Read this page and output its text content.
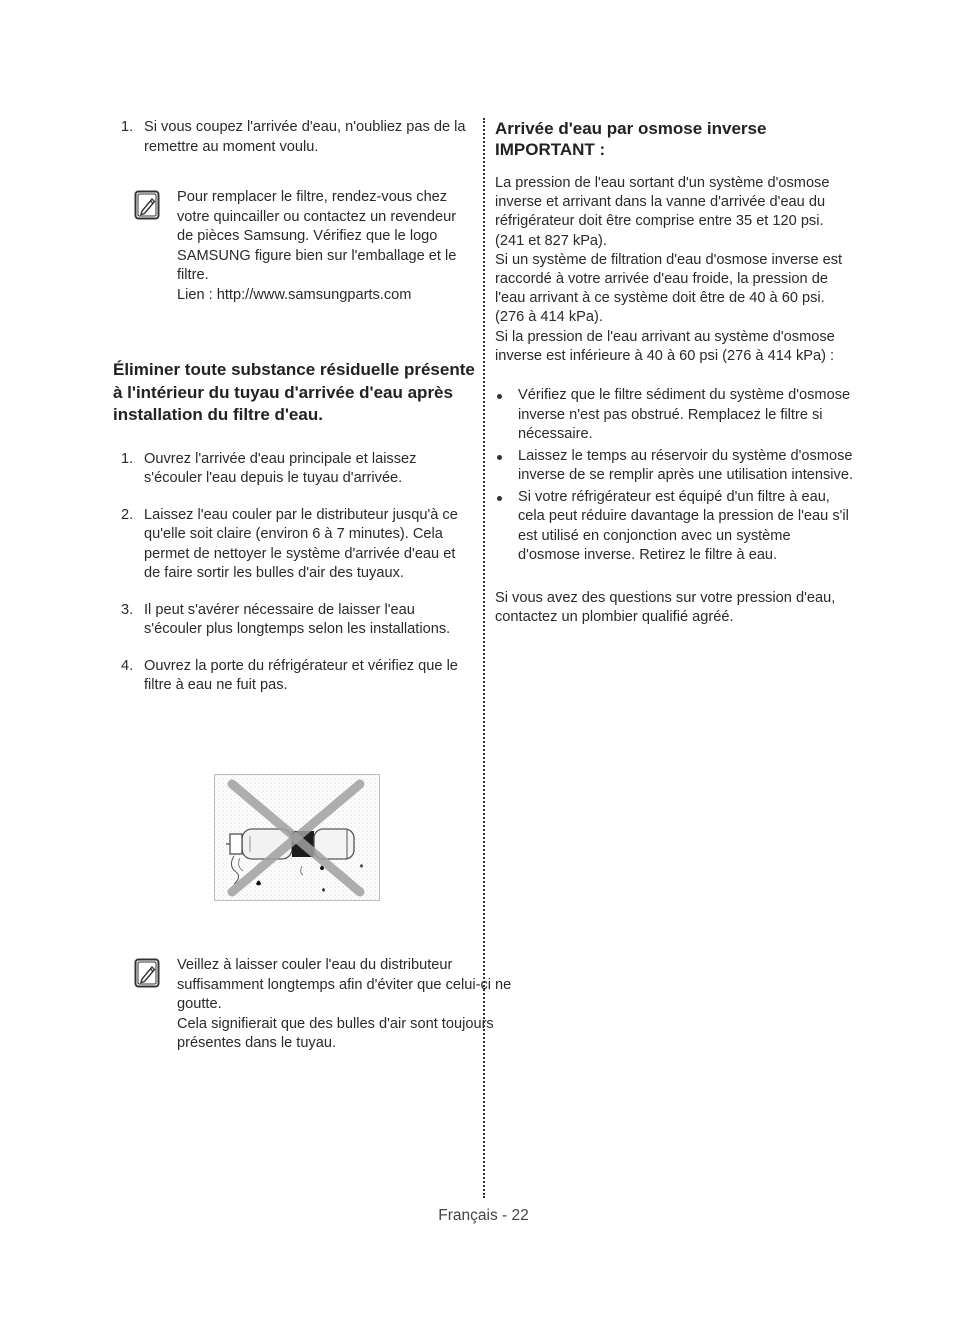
1. Si vous coupez l'arrivée d'eau, n'oubliez pas de la remettre au moment voulu.

Pour remplacer le filtre, rendez-vous chez votre quincailler ou contactez un revendeur de pièces Samsung. Vérifiez que le logo SAMSUNG figure bien sur l'emballage et le filtre.

Lien : http://www.samsungparts.com

Éliminer toute substance résiduelle présente à l'intérieur du tuyau d'arrivée d'eau après installation du filtre d'eau.
1. Ouvrez l'arrivée d'eau principale et laissez s'écouler l'eau depuis le tuyau d'arrivée.
2. Laissez l'eau couler par le distributeur jusqu'à ce qu'elle soit claire (environ 6 à 7 minutes). Cela permet de nettoyer le système d'arrivée d'eau et de faire sortir les bulles d'air des tuyaux.
3. Il peut s'avérer nécessaire de laisser l'eau s'écouler plus longtemps selon les installations.
4. Ouvrez la porte du réfrigérateur et vérifiez que le filtre à eau ne fuit pas.

Veillez à laisser couler l'eau du distributeur suffisamment longtemps afin d'éviter que celui-ci ne goutte.

Cela signifierait que des bulles d'air sont toujours présentes dans le tuyau.

Arrivée d'eau par osmose inverse
IMPORTANT :

La pression de l'eau sortant d'un système d'osmose inverse et arrivant dans la vanne d'arrivée d'eau du réfrigérateur doit être comprise entre 35 et 120 psi. (241 et 827 kPa).

Si un système de filtration d'eau d'osmose inverse est raccordé à votre arrivée d'eau froide, la pression de l'eau arrivant à ce système doit être de 40 à 60 psi. (276 à 414 kPa).

Si la pression de l'eau arrivant au système d'osmose inverse est inférieure à 40 à 60 psi (276 à 414 kPa) :

Vérifiez que le filtre sédiment du système d'osmose inverse n'est pas obstrué. Remplacez le filtre si nécessaire.
Laissez le temps au réservoir du système d'osmose inverse de se remplir après une utilisation intensive.
Si votre réfrigérateur est équipé d'un filtre à eau, cela peut réduire davantage la pression de l'eau s'il est utilisé en conjonction avec un système d'osmose inverse. Retirez le filtre à eau.

Si vous avez des questions sur votre pression d'eau, contactez un plombier qualifié agréé.

Français - 22
